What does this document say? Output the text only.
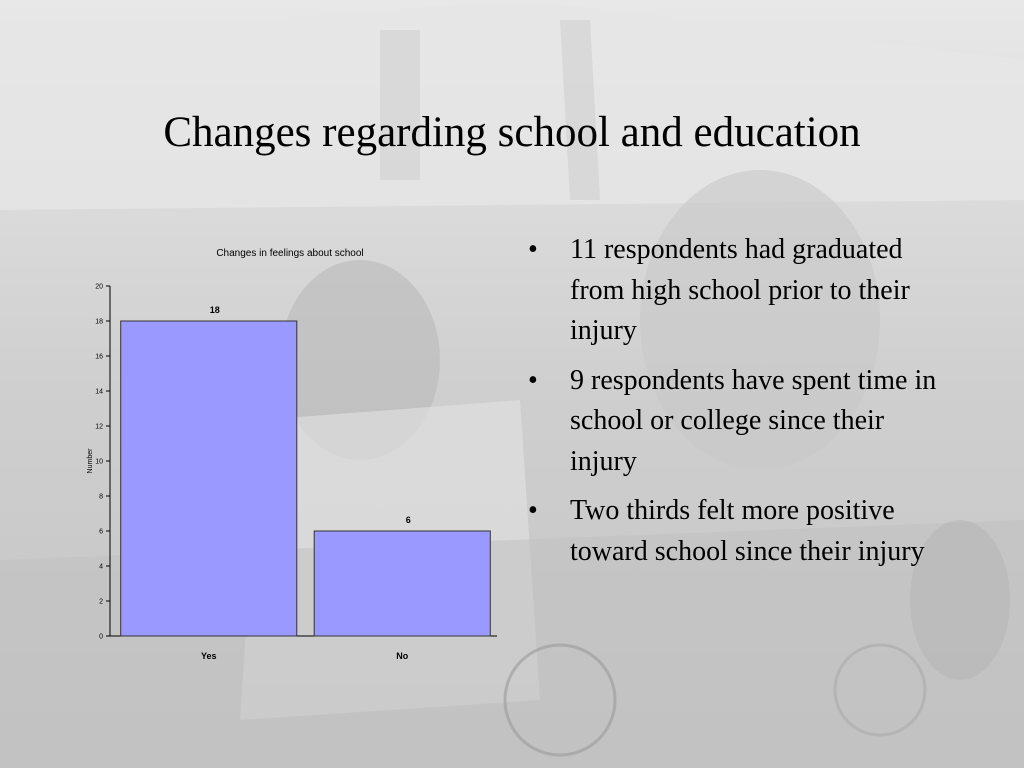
Changes regarding school and education
• 11 respondents had graduated from high school prior to their injury
• 9 respondents have spent time in school or college since their injury
• Two thirds felt more positive toward school since their injury
Changes in feelings about school
Number
0
2
4
6
8
10
12
14
16
18
20
18
Yes
6
No
